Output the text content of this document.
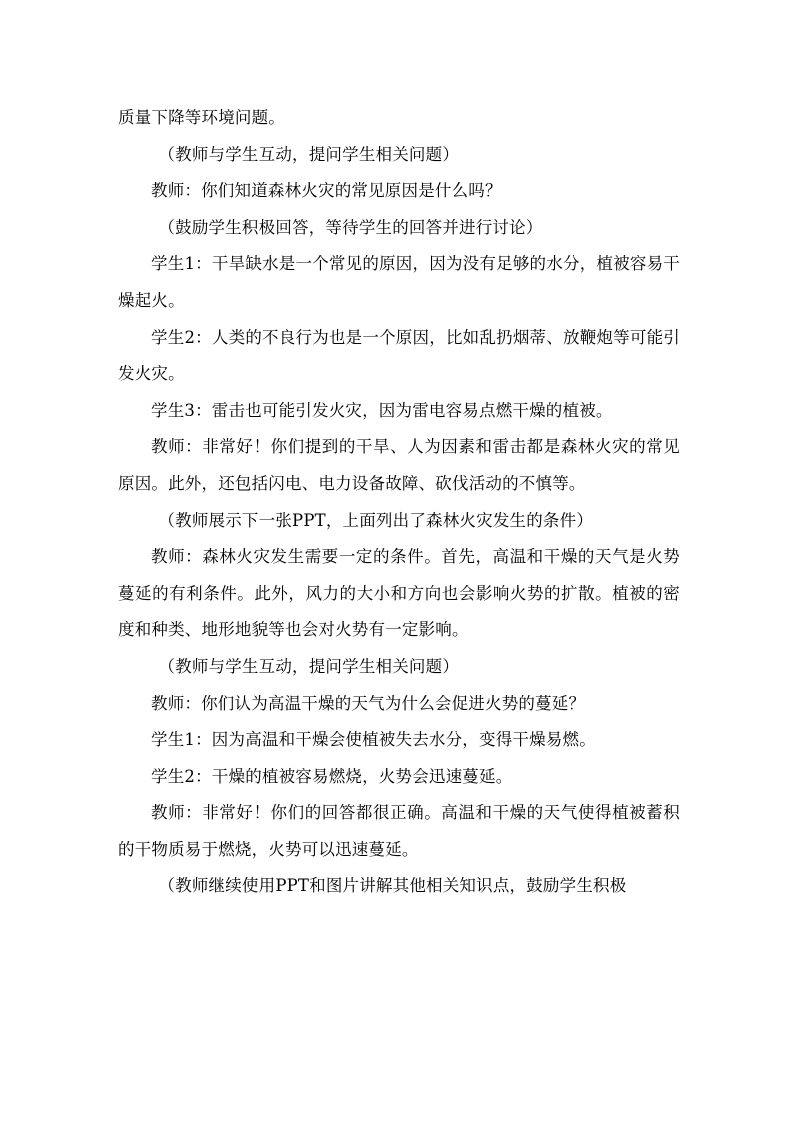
质量下降等环境问题。

（教师与学生互动，提问学生相关问题）

教师：你们知道森林火灾的常见原因是什么吗？

（鼓励学生积极回答，等待学生的回答并进行讨论）

学生1：干旱缺水是一个常见的原因，因为没有足够的水分，植被容易干燥起火。

学生2：人类的不良行为也是一个原因，比如乱扔烟蒂、放鞭炮等可能引发火灾。

学生3：雷击也可能引发火灾，因为雷电容易点燃干燥的植被。

教师：非常好！你们提到的干旱、人为因素和雷击都是森林火灾的常见原因。此外，还包括闪电、电力设备故障、砍伐活动的不慎等。

（教师展示下一张PPT，上面列出了森林火灾发生的条件）

教师：森林火灾发生需要一定的条件。首先，高温和干燥的天气是火势蔓延的有利条件。此外，风力的大小和方向也会影响火势的扩散。植被的密度和种类、地形地貌等也会对火势有一定影响。

（教师与学生互动，提问学生相关问题）

教师：你们认为高温干燥的天气为什么会促进火势的蔓延？

学生1：因为高温和干燥会使植被失去水分，变得干燥易燃。

学生2：干燥的植被容易燃烧，火势会迅速蔓延。

教师：非常好！你们的回答都很正确。高温和干燥的天气使得植被蓄积的干物质易于燃烧，火势可以迅速蔓延。

（教师继续使用PPT和图片讲解其他相关知识点，鼓励学生积极
